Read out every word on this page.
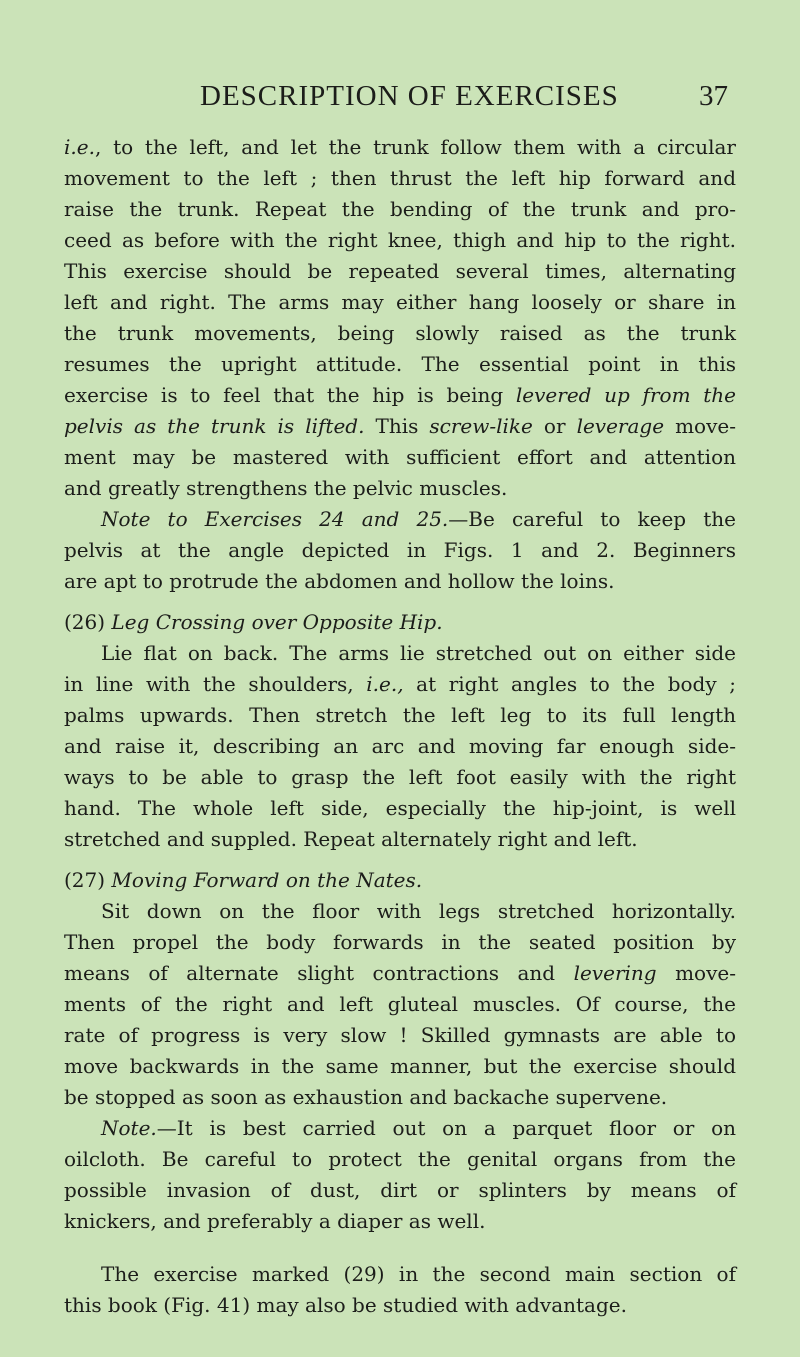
DESCRIPTION OF EXERCISES	37
i.e., to the left, and let the trunk follow them with a circular
movement to the left ; then thrust the left hip forward and
raise the trunk. Repeat the bending of the trunk and pro-
ceed as before with the right knee, thigh and hip to the right.
This exercise should be repeated several times, alternating
left and right. The arms may either hang loosely or share in
the trunk movements, being slowly raised as the trunk
resumes the upright attitude. The essential point in this
exercise is to feel that the hip is being levered up from the
pelvis as the trunk is lifted. This screw-like or leverage move-
ment may be mastered with sufficient effort and attention
and greatly strengthens the pelvic muscles.
Note to Exercises 24 and 25.—Be careful to keep the
pelvis at the angle depicted in Figs. 1 and 2. Beginners
are apt to protrude the abdomen and hollow the loins.
(26) Leg Crossing over Opposite Hip.
Lie flat on back. The arms lie stretched out on either side
in line with the shoulders, i.e., at right angles to the body ;
palms upwards. Then stretch the left leg to its full length
and raise it, describing an arc and moving far enough side-
ways to be able to grasp the left foot easily with the right
hand. The whole left side, especially the hip-joint, is well
stretched and suppled. Repeat alternately right and left.
(27) Moving Forward on the Nates.
Sit down on the floor with legs stretched horizontally.
Then propel the body forwards in the seated position by
means of alternate slight contractions and levering move-
ments of the right and left gluteal muscles. Of course, the
rate of progress is very slow ! Skilled gymnasts are able to
move backwards in the same manner, but the exercise should
be stopped as soon as exhaustion and backache supervene.
Note.—It is best carried out on a parquet floor or on
oilcloth. Be careful to protect the genital organs from the
possible invasion of dust, dirt or splinters by means of
knickers, and preferably a diaper as well.
The exercise marked (29) in the second main section of
this book (Fig. 41) may also be studied with advantage.
